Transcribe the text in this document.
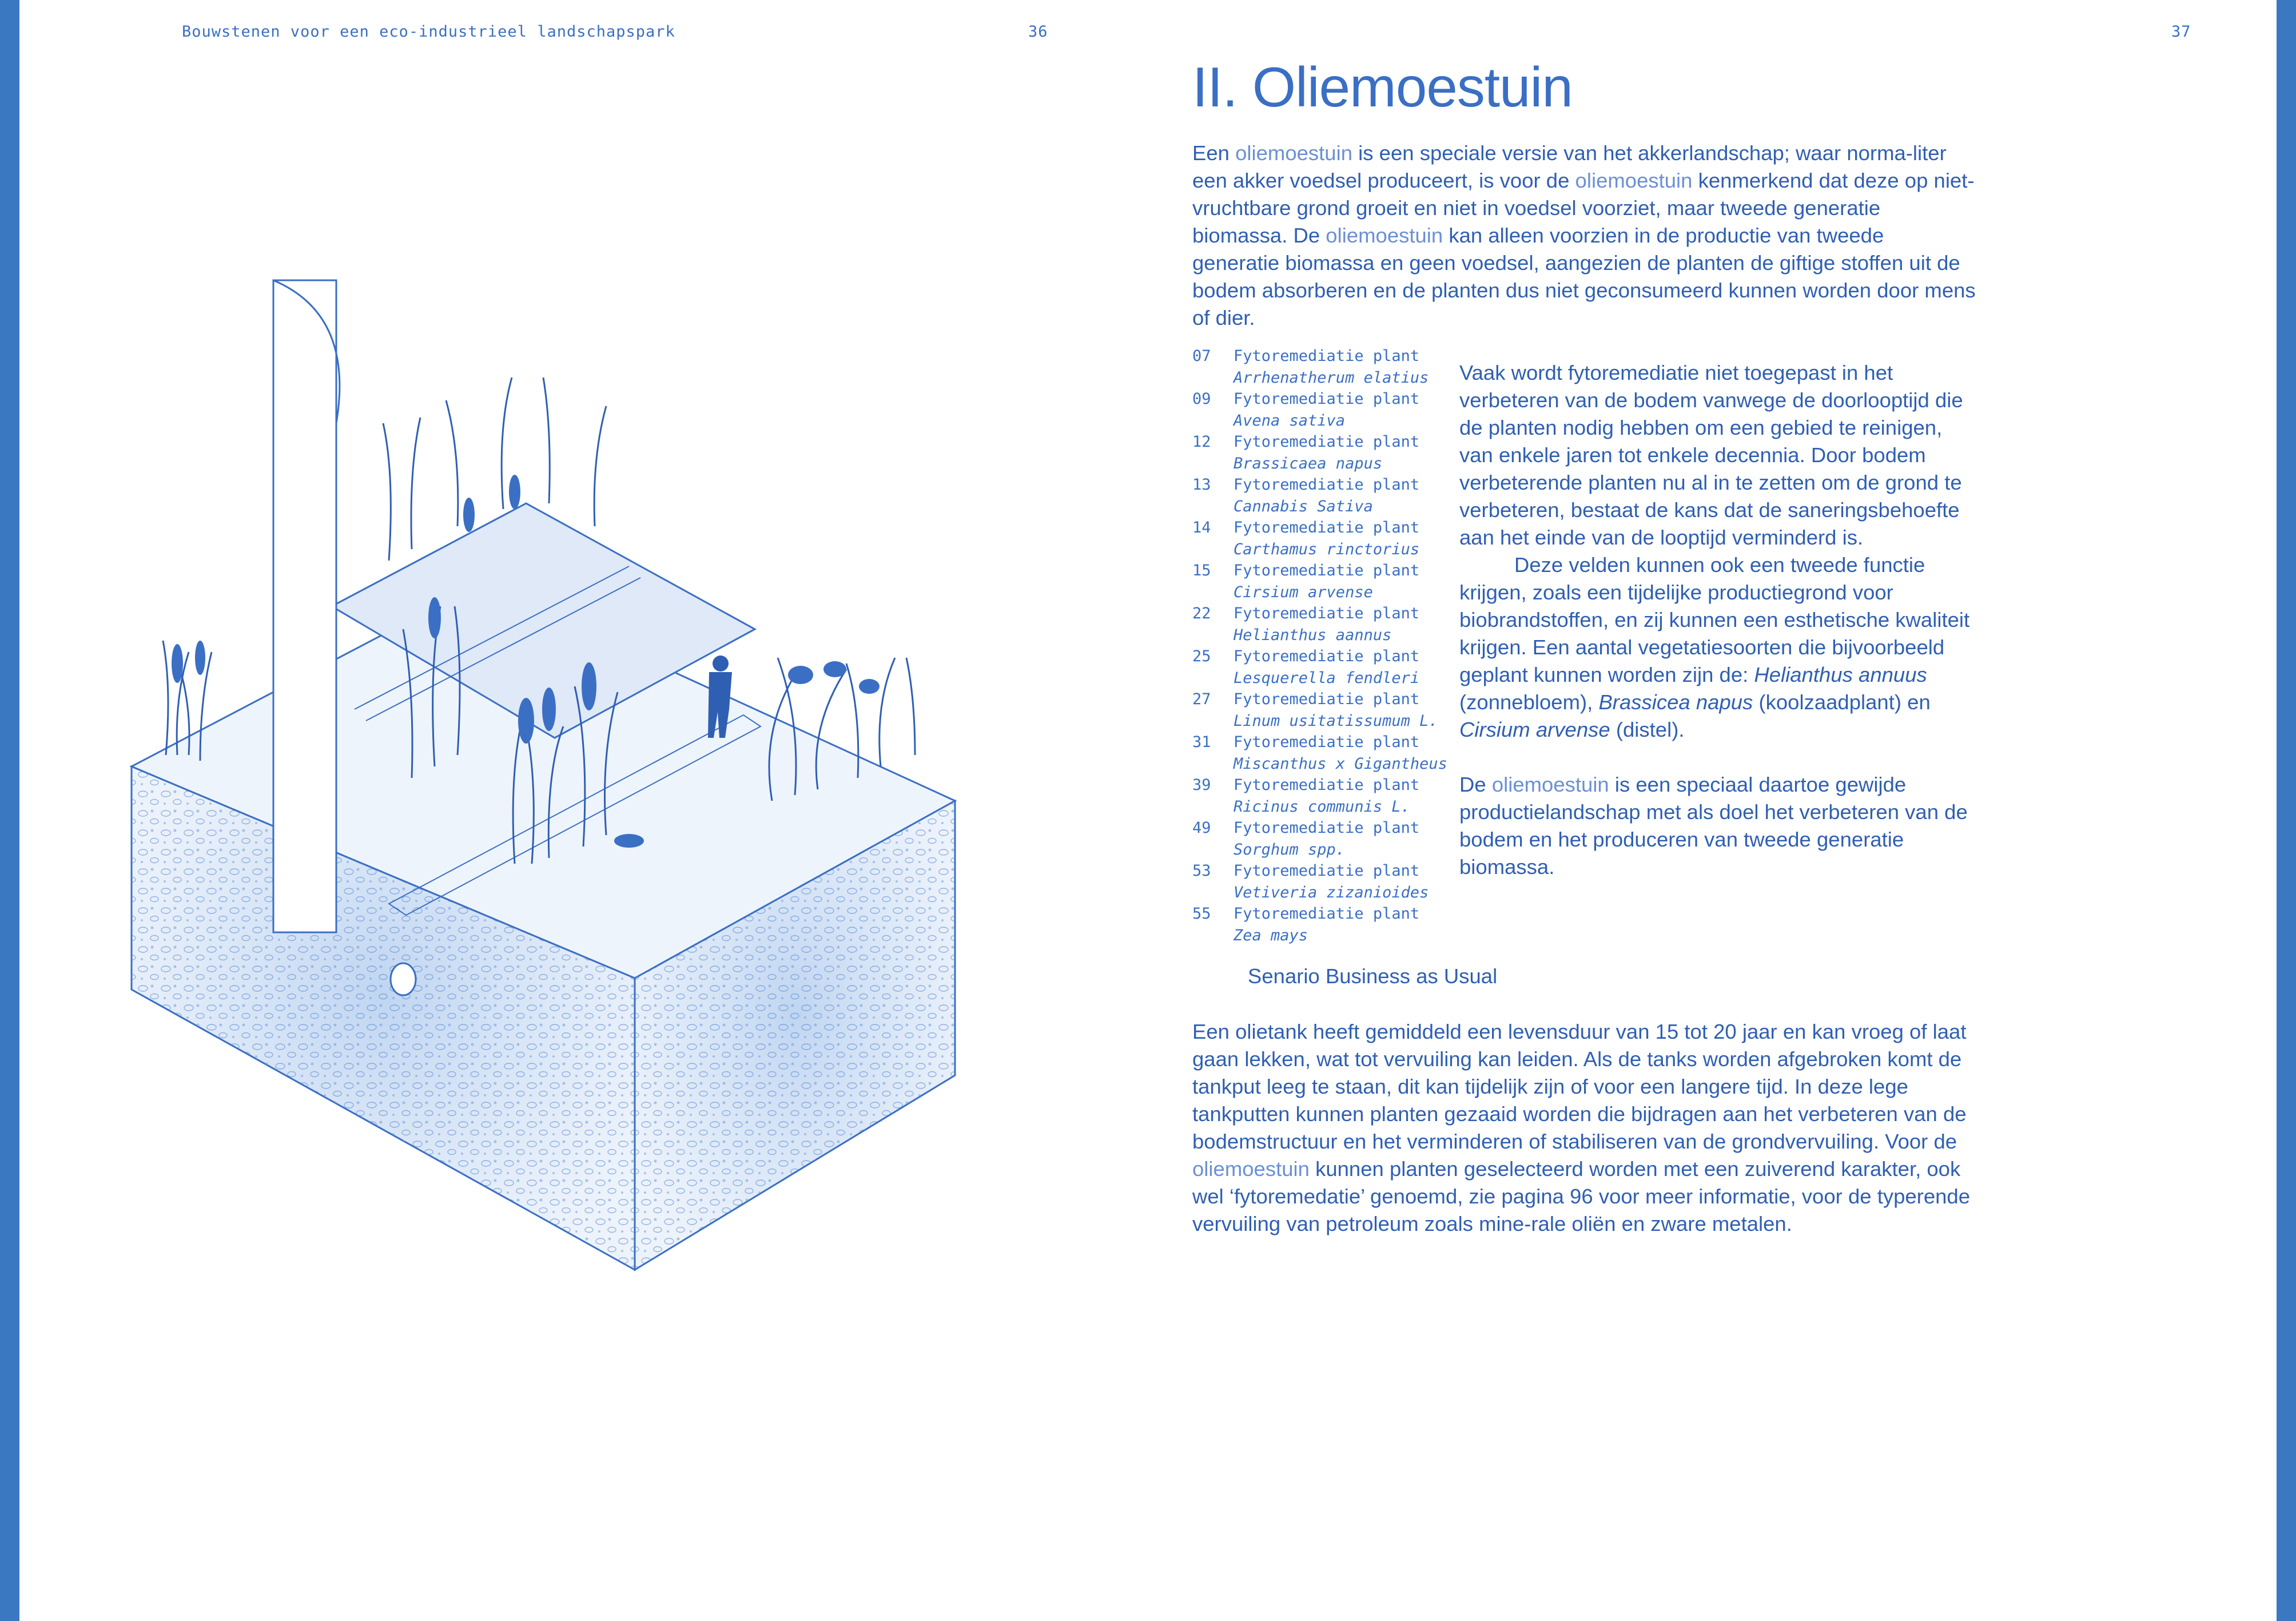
Bouwstenen voor een eco-industrieel landschapspark	36	37
II. Oliemoestuin

Een oliemoestuin is een speciale versie van het akkerlandschap; waar norma-liter een akker voedsel produceert, is voor de oliemoestuin kenmerkend dat deze op niet-vruchtbare grond groeit en niet in voedsel voorziet, maar tweede generatie biomassa. De oliemoestuin kan alleen voorzien in de productie van tweede generatie biomassa en geen voedsel, aangezien de planten de giftige stoffen uit de bodem absorberen en de planten dus niet geconsumeerd kunnen worden door mens of dier.

07 Fytoremediatie plant
Arrhenatherum elatius
09 Fytoremediatie plant
Avena sativa
12 Fytoremediatie plant
Brassicaea napus
13 Fytoremediatie plant
Cannabis Sativa
14 Fytoremediatie plant
Carthamus rinctorius
15 Fytoremediatie plant
Cirsium arvense
22 Fytoremediatie plant
Helianthus aannus
25 Fytoremediatie plant
Lesquerella fendleri
27 Fytoremediatie plant
Linum usitatissumum L.
31 Fytoremediatie plant
Miscanthus x Gigantheus
39 Fytoremediatie plant
Ricinus communis L.
49 Fytoremediatie plant
Sorghum spp.
53 Fytoremediatie plant
Vetiveria zizanioides
55 Fytoremediatie plant
Zea mays

Vaak wordt fytoremediatie niet toegepast in het verbeteren van de bodem vanwege de doorlooptijd die de planten nodig hebben om een gebied te reinigen, van enkele jaren tot enkele decennia. Door bodem verbeterende planten nu al in te zetten om de grond te verbeteren, bestaat de kans dat de saneringsbehoefte aan het einde van de looptijd verminderd is.

Deze velden kunnen ook een tweede functie krijgen, zoals een tijdelijke productiegrond voor biobrandstoffen, en zij kunnen een esthetische kwaliteit krijgen. Een aantal vegetatiesoorten die bijvoorbeeld geplant kunnen worden zijn de: Helianthus annuus (zonnebloem), Brassicea napus (koolzaadplant) en Cirsium arvense (distel).

De oliemoestuin is een speciaal daartoe gewijde productielandschap met als doel het verbeteren van de bodem en het produceren van tweede generatie biomassa.

Senario Business as Usual

Een olietank heeft gemiddeld een levensduur van 15 tot 20 jaar en kan vroeg of laat gaan lekken, wat tot vervuiling kan leiden. Als de tanks worden afgebroken komt de tankput leeg te staan, dit kan tijdelijk zijn of voor een langere tijd. In deze lege tankputten kunnen planten gezaaid worden die bijdragen aan het verbeteren van de bodemstructuur en het verminderen of stabiliseren van de grondvervuiling. Voor de oliemoestuin kunnen planten geselecteerd worden met een zuiverend karakter, ook wel ‘fytoremedatie’ genoemd, zie pagina 96 voor meer informatie, voor de typerende vervuiling van petroleum zoals mine-rale oliën en zware metalen.
